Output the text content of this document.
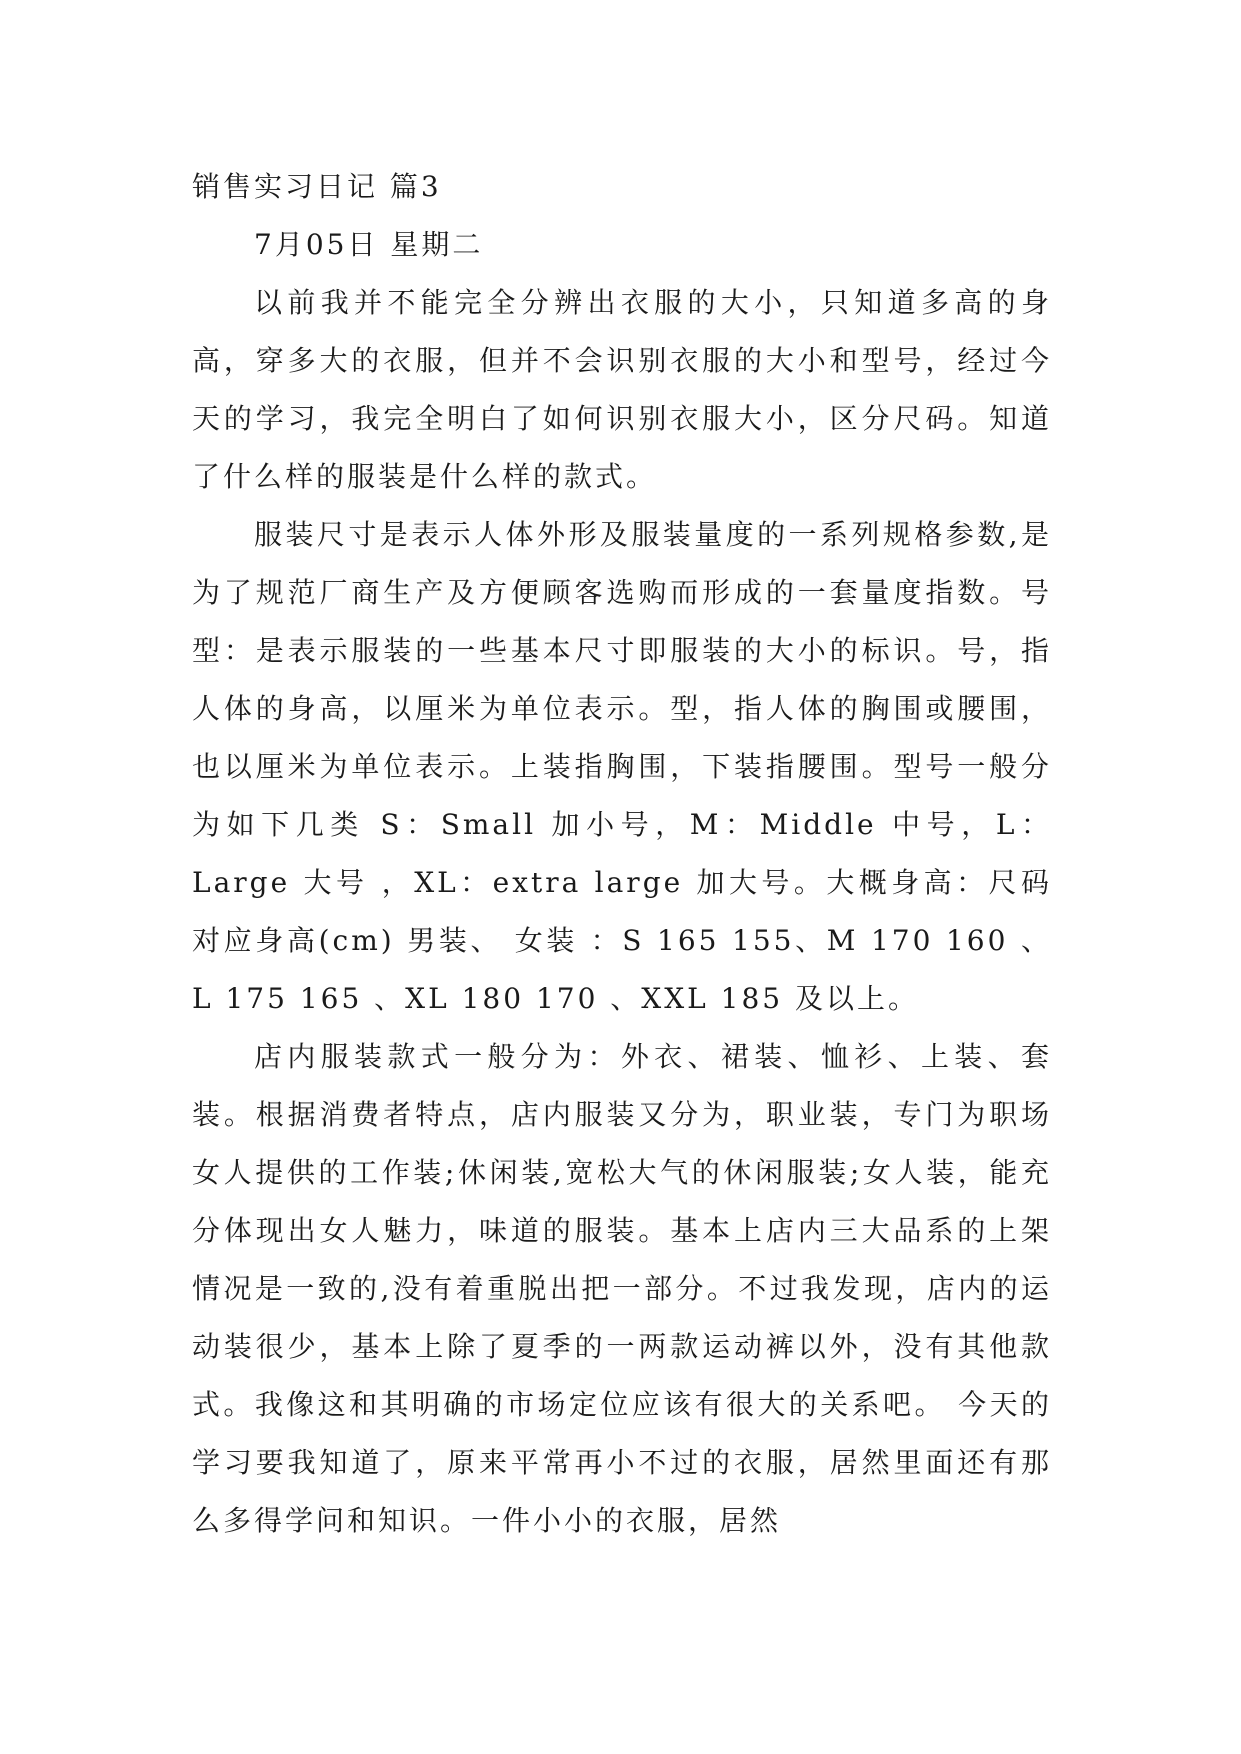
销售实习日记 篇3

7月05日 星期二

以前我并不能完全分辨出衣服的大小，只知道多高的身高，穿多大的衣服，但并不会识别衣服的大小和型号，经过今天的学习，我完全明白了如何识别衣服大小，区分尺码。知道了什么样的服装是什么样的款式。

服装尺寸是表示人体外形及服装量度的一系列规格参数,是为了规范厂商生产及方便顾客选购而形成的一套量度指数。号型：是表示服装的一些基本尺寸即服装的大小的标识。号，指人体的身高，以厘米为单位表示。型，指人体的胸围或腰围，也以厘米为单位表示。上装指胸围，下装指腰围。型号一般分为如下几类 S：Small 加小号，M：Middle 中号，L：Large 大号 ，XL：extra large 加大号。大概身高：尺码对应身高(cm) 男装、 女装 ：S 165 155、M 170 160 、L 175 165 、XL 180 170 、XXL 185 及以上。

店内服装款式一般分为：外衣、裙装、恤衫、上装、套装。根据消费者特点，店内服装又分为，职业装，专门为职场女人提供的工作装;休闲装,宽松大气的休闲服装;女人装，能充分体现出女人魅力，味道的服装。基本上店内三大品系的上架情况是一致的,没有着重脱出把一部分。不过我发现，店内的运动装很少，基本上除了夏季的一两款运动裤以外，没有其他款式。我像这和其明确的市场定位应该有很大的关系吧。 今天的学习要我知道了，原来平常再小不过的衣服，居然里面还有那么多得学问和知识。一件小小的衣服，居然
